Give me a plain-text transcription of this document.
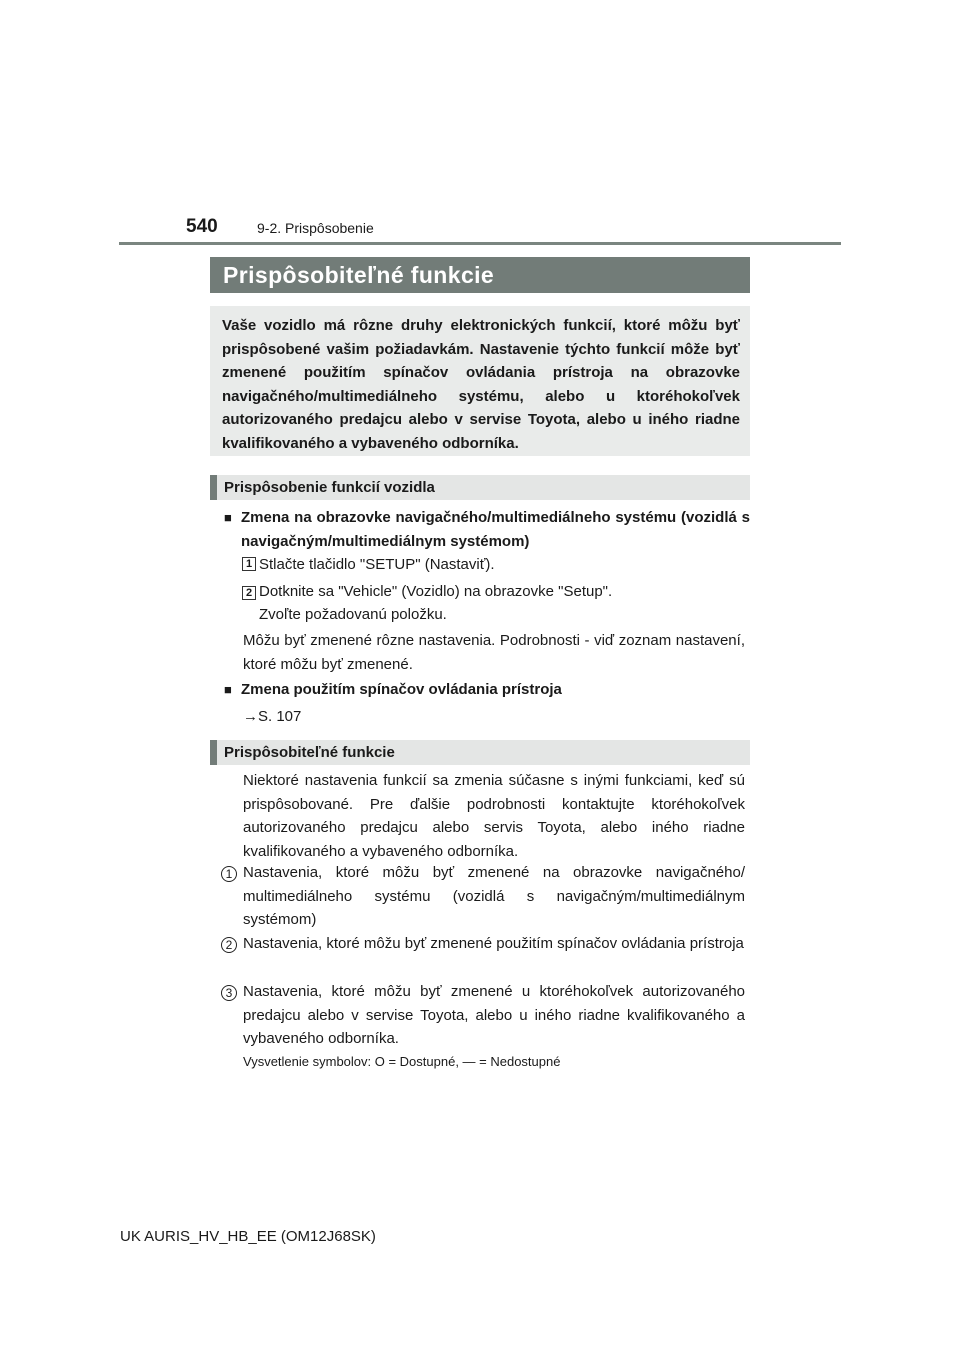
540	9-2. Prispôsobenie
Prispôsobiteľné funkcie
Vaše vozidlo má rôzne druhy elektronických funkcií, ktoré môžu byť prispôsobené vašim požiadavkám. Nastavenie týchto funkcií môže byť zmenené použitím spínačov ovládania prístroja na obrazovke navigačného/multimediálneho systému, alebo u ktoréhokoľvek autorizovaného predajcu alebo v servise Toyota, alebo u iného riadne kvalifikovaného a vybaveného odborníka.
Prispôsobenie funkcií vozidla
■ Zmena na obrazovke navigačného/multimediálneho systému (vozidlá s navigačným/multimediálnym systémom)
1 Stlačte tlačidlo "SETUP" (Nastaviť).
2 Dotknite sa "Vehicle" (Vozidlo) na obrazovke "Setup".
Zvoľte požadovanú položku.
Môžu byť zmenené rôzne nastavenia. Podrobnosti - viď zoznam nastavení, ktoré môžu byť zmenené.
■ Zmena použitím spínačov ovládania prístroja
→S. 107
Prispôsobiteľné funkcie
Niektoré nastavenia funkcií sa zmenia súčasne s inými funkciami, keď sú prispôsobované. Pre ďalšie podrobnosti kontaktujte ktoréhokoľvek autorizovaného predajcu alebo servis Toyota, alebo iného riadne kvalifikovaného a vybaveného odborníka.
1 Nastavenia, ktoré môžu byť zmenené na obrazovke navigačného/ multimediálneho systému (vozidlá s navigačným/multimediálnym systémom)
2 Nastavenia, ktoré môžu byť zmenené použitím spínačov ovládania prístroja
3 Nastavenia, ktoré môžu byť zmenené u ktoréhokoľvek autorizovaného predajcu alebo v servise Toyota, alebo u iného riadne kvalifikovaného a vybaveného odborníka.
Vysvetlenie symbolov: O = Dostupné, — = Nedostupné
UK AURIS_HV_HB_EE (OM12J68SK)
